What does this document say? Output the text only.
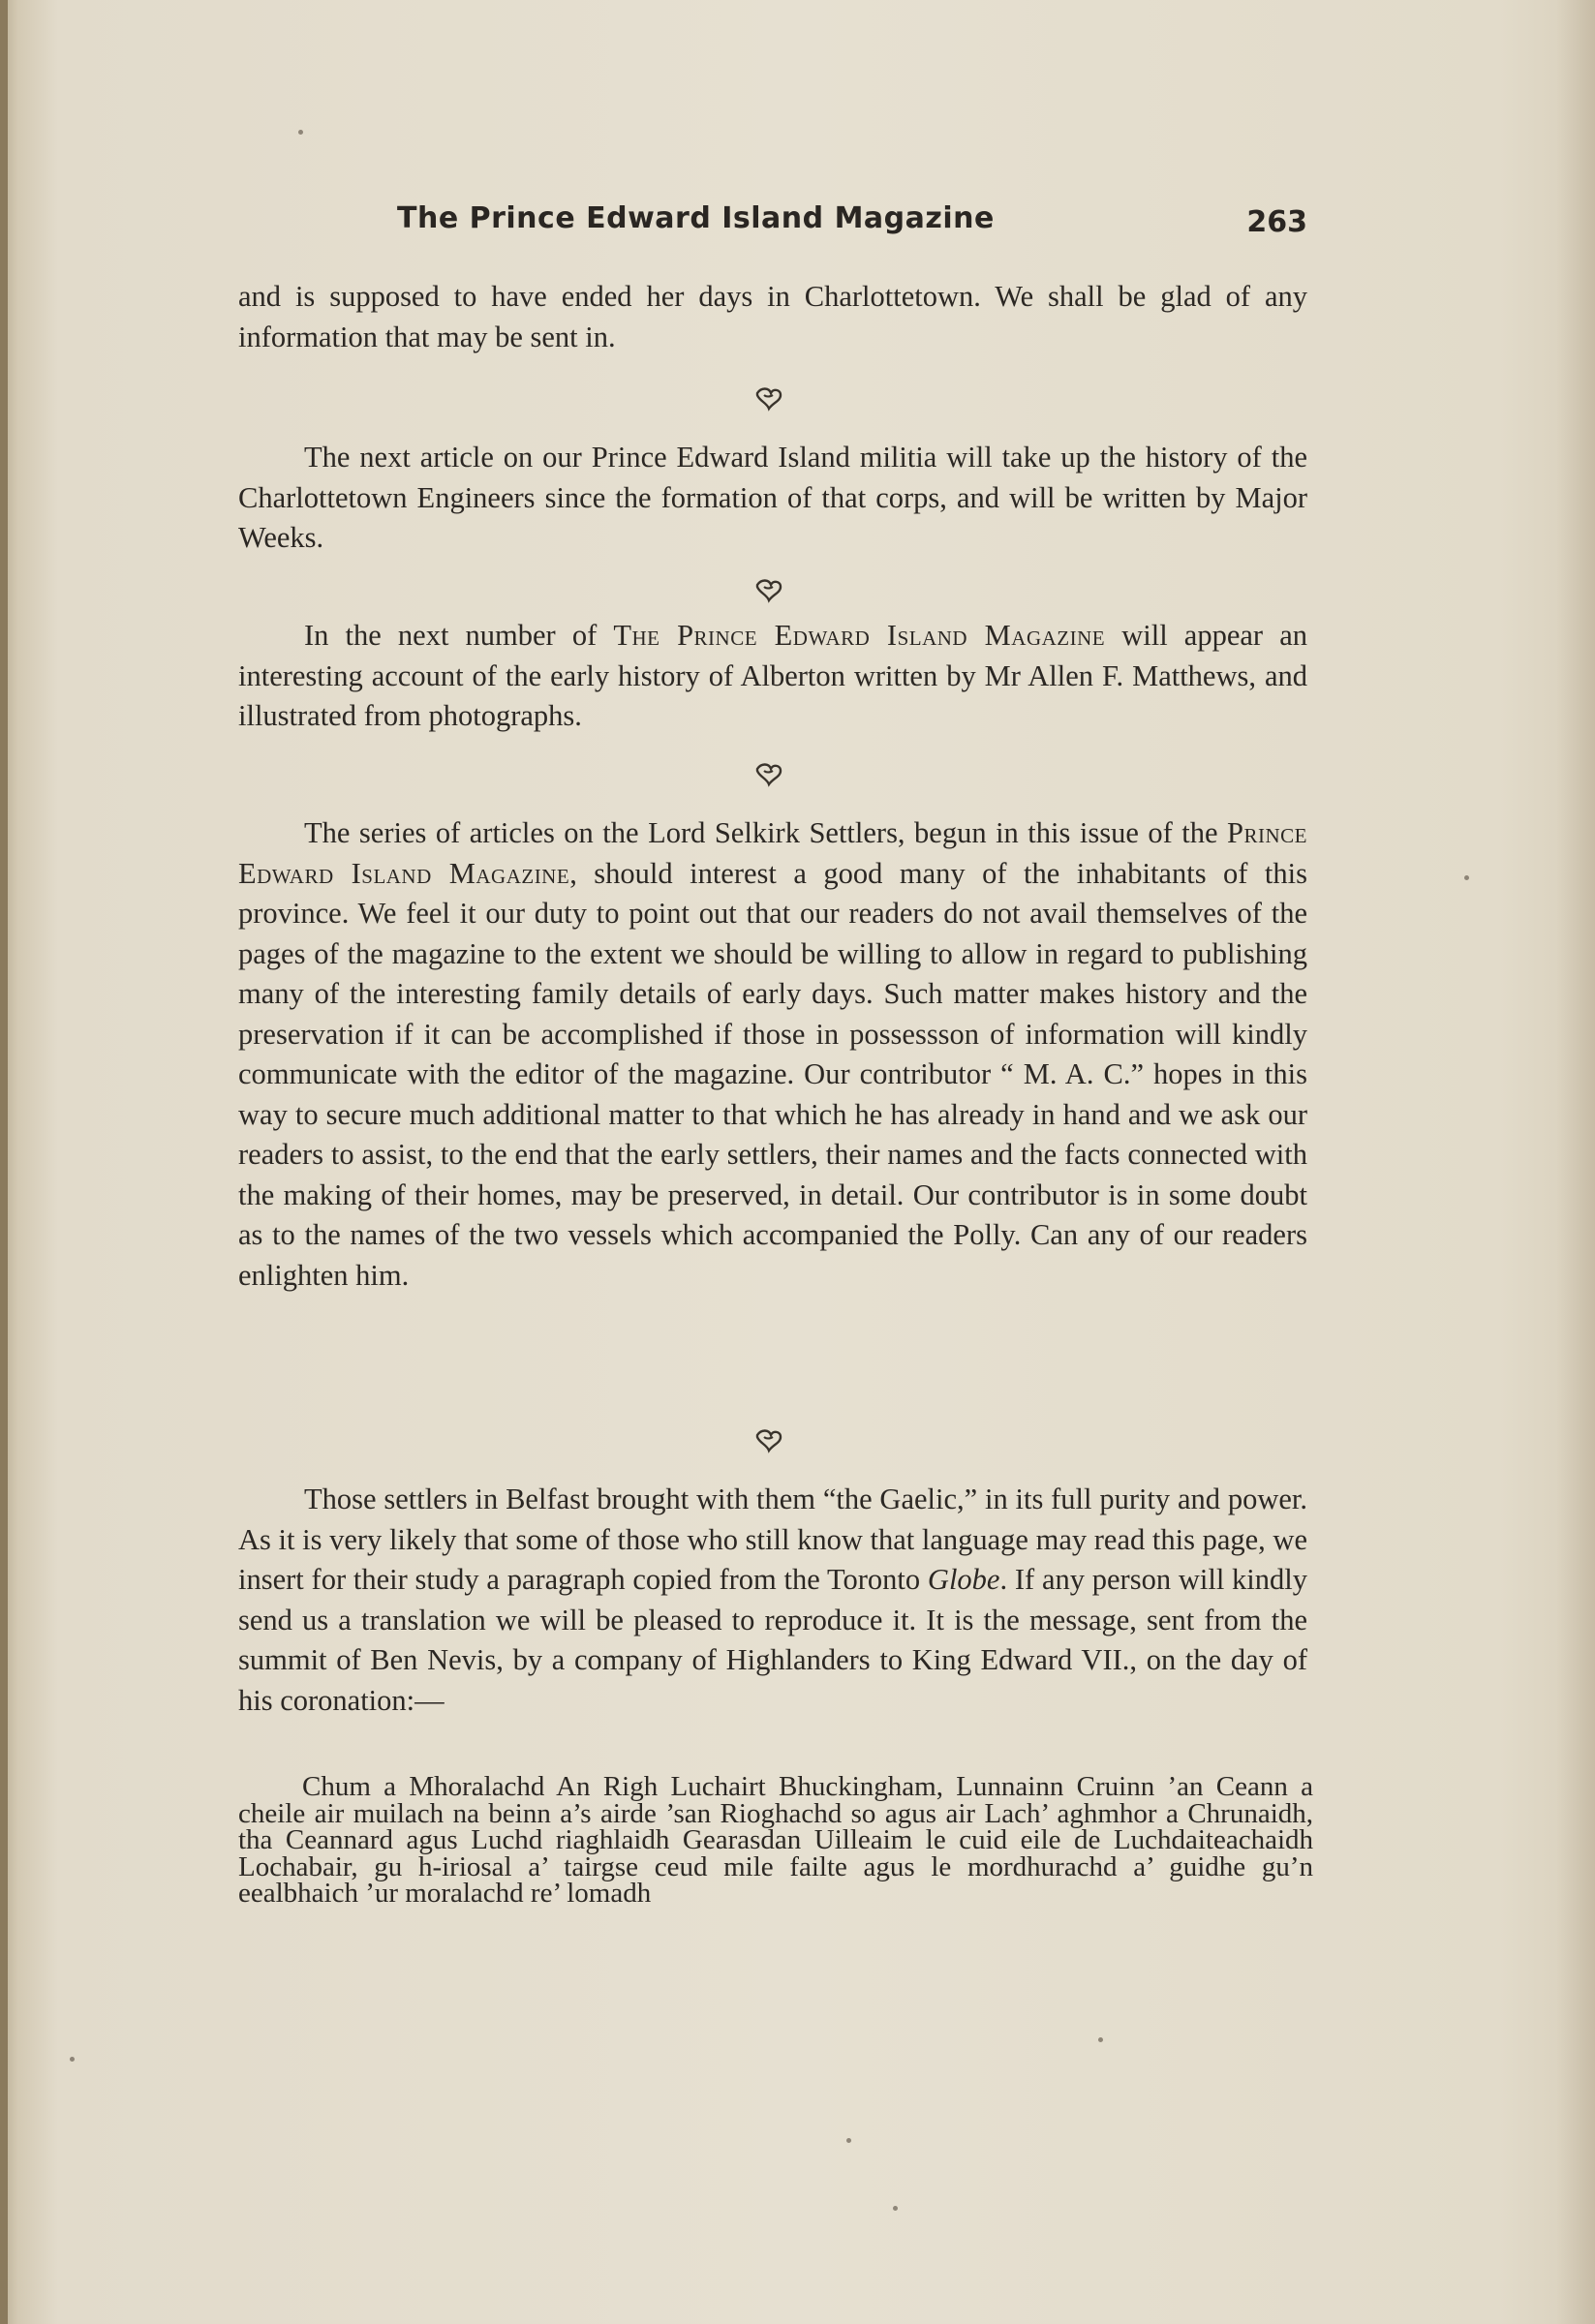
The Prince Edward Island Magazine	263
and is supposed to have ended her days in Charlottetown. We shall be glad of any information that may be sent in.
The next article on our Prince Edward Island militia will take up the history of the Charlottetown Engineers since the formation of that corps, and will be written by Major Weeks.
In the next number of The Prince Edward Island Magazine will appear an interesting account of the early history of Alberton written by Mr Allen F. Matthews, and illustrated from photographs.
The series of articles on the Lord Selkirk Settlers, begun in this issue of the Prince Edward Island Magazine, should interest a good many of the inhabitants of this province. We feel it our duty to point out that our readers do not avail themselves of the pages of the magazine to the extent we should be willing to allow in regard to publishing many of the interesting family details of early days. Such matter makes history and the preservation if it can be accomplished if those in possessson of information will kindly communicate with the editor of the magazine. Our contributor “ M. A. C.” hopes in this way to secure much additional matter to that which he has already in hand and we ask our readers to assist, to the end that the early settlers, their names and the facts connected with the making of their homes, may be preserved, in detail. Our contributor is in some doubt as to the names of the two vessels which accompanied the Polly. Can any of our readers enlighten him.
Those settlers in Belfast brought with them “the Gaelic,” in its full purity and power. As it is very likely that some of those who still know that language may read this page, we insert for their study a paragraph copied from the Toronto Globe. If any person will kindly send us a translation we will be pleased to reproduce it. It is the message, sent from the summit of Ben Nevis, by a company of Highlanders to King Edward VII., on the day of his coronation:—
Chum a Mhoralachd An Righ Luchairt Bhuckingham, Lunnainn Cruinn ’an Ceann a cheile air muilach na beinn a’s airde ’san Rioghachd so agus air Lach’ aghmhor a Chrunaidh, tha Ceannard agus Luchd riaghlaidh Gearasdan Uilleaim le cuid eile de Luchdaiteachaidh Lochabair, gu h-iriosal a’ tairgse ceud mile failte agus le mordhurachd a’ guidhe gu’n eealbhaich ’ur moralachd re’ lomadh
